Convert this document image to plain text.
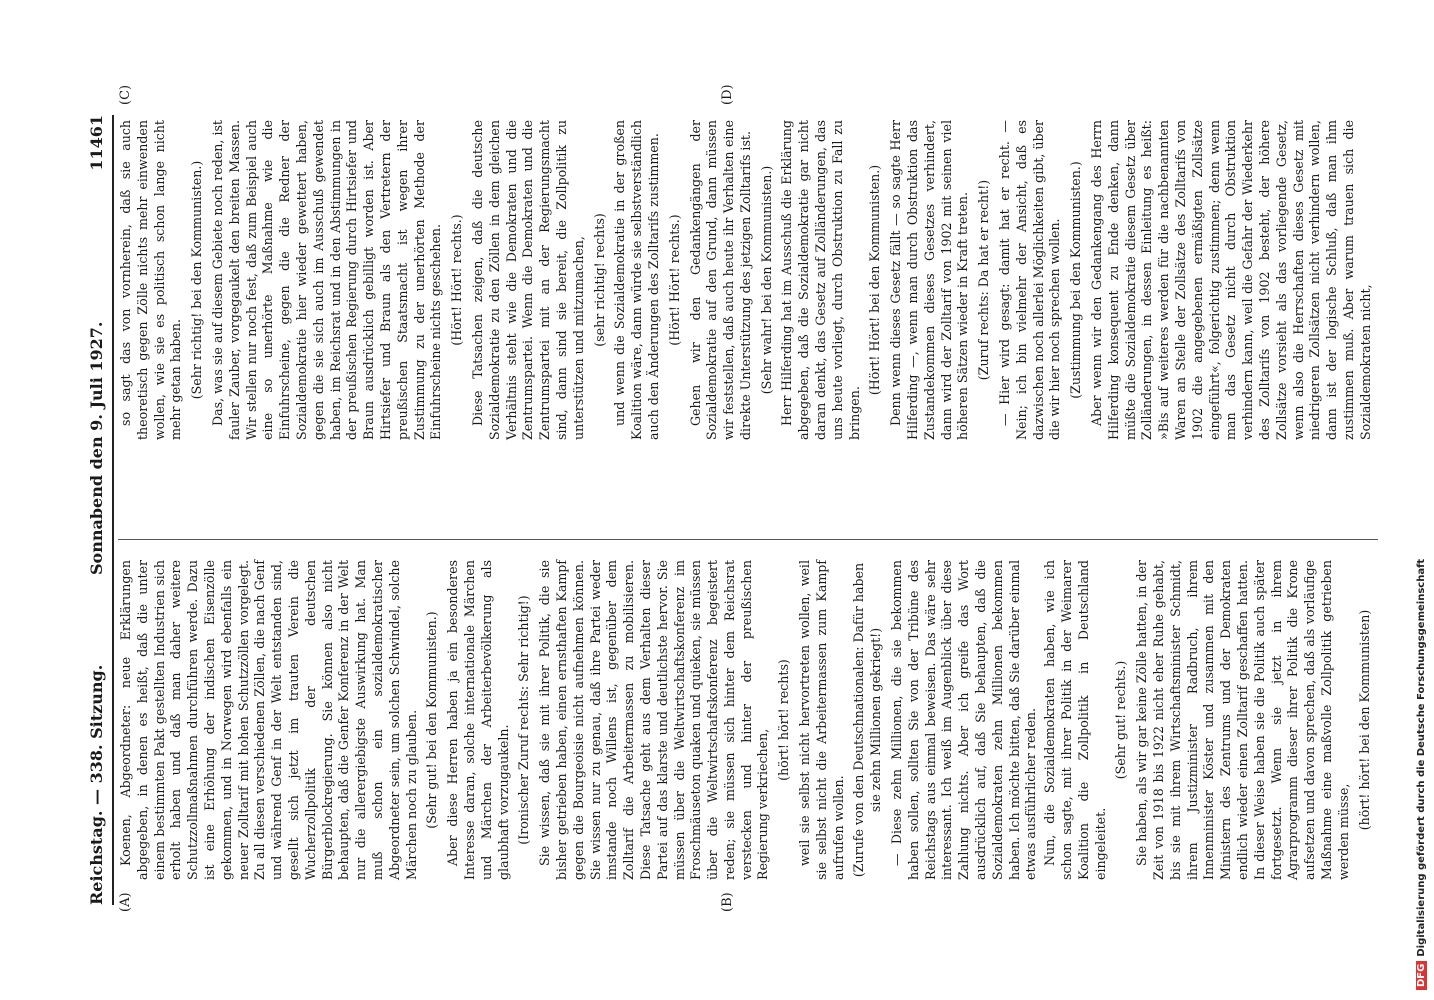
Reichstag. — 338. Sitzung.
Sonnabend den 9. Juli 1927.
11461
(A)	(B)
(C)	(D)

Koenen, Abgeordneter: neue Erklärungen abgegeben, in denen es heißt, daß die unter einem bestimmten Pakt gestellten Industrien sich erholt haben und daß man daher weitere Schutzzollmaßnahmen durchführen werde. Dazu ist eine Erhöhung der indischen Eisenzölle gekommen, und in Norwegen wird ebenfalls ein neuer Zolltarif mit hohen Schutzzöllen vorgelegt. Zu all diesen verschiedenen Zöllen, die nach Genf und während Genf in der Welt entstanden sind, gesellt sich jetzt im trauten Verein die Wucherzollpolitik der deutschen Bürgerblockregierung. Sie können also nicht behaupten, daß die Genfer Konferenz in der Welt nur die allerergiebigste Auswirkung hat. Man muß schon ein sozialdemokratischer Abgeordneter sein, um solchen Schwindel, solche Märchen noch zu glauben. (Sehr gut! bei den Kommunisten.) Aber diese Herren haben ja ein besonderes Interesse daran, solche internationale Märchen und Märchen der Arbeiterbevölkerung als glaubhaft vorzugaukeln. (Ironischer Zuruf rechts: Sehr richtig!) Sie wissen, daß sie mit ihrer Politik, die sie bisher getrieben haben, einen ernsthaften Kampf gegen die Bourgeoisie nicht aufnehmen können. Sie wissen nur zu genau, daß ihre Partei weder imstande noch Willens ist, gegenüber dem Zolltarif die Arbeitermassen zu mobilisieren. Diese Tatsache geht aus dem Verhalten dieser Partei auf das klarste und deutlichste hervor. Sie müssen über die Weltwirtschaftskonferenz im Froschmäuseton quaken und quieken, sie müssen über die Weltwirtschaftskonferenz begeistert reden; sie müssen sich hinter dem Reichsrat verstecken und hinter der preußischen Regierung verkriechen,

(hört! hört! rechts) weil sie selbst nicht hervortreten wollen, weil sie selbst nicht die Arbeitermassen zum Kampf aufrufen wollen. (Zurufe von den Deutschnationalen: Dafür haben sie zehn Millionen gekriegt!) — Diese zehn Millionen, die sie bekommen haben sollen, sollten Sie von der Tribüne des Reichstags aus einmal beweisen. Das wäre sehr interessant. Ich weiß im Augenblick über diese Zahlung nichts. Aber ich greife das Wort ausdrücklich auf, daß Sie behaupten, daß die Sozialdemokraten zehn Millionen bekommen haben. Ich möchte bitten, daß Sie darüber einmal etwas ausführlicher reden. Nun, die Sozialdemokraten haben, wie ich schon sagte, mit ihrer Politik in der Weimarer Koalition die Zollpolitik in Deutschland eingeleitet.

(Sehr gut! rechts.) Sie haben, als wir gar keine Zölle hatten, in der Zeit von 1918 bis 1922 nicht eher Ruhe gehabt, bis sie mit ihrem Wirtschaftsminister Schmidt, ihrem Justizminister Radbruch, ihrem Innenminister Köster und zusammen mit den Ministern des Zentrums und der Demokraten endlich wieder einen Zolltarif geschaffen hatten. In dieser Weise haben sie die Politik auch später fortgesetzt. Wenn sie jetzt in ihrem Agrarprogramm dieser ihrer Politik die Krone aufsetzen und davon sprechen, daß als vorläufige Maßnahme eine maßvolle Zollpolitik getrieben werden müsse,

(hört! hört! bei den Kommunisten)

so sagt das von vornherein, daß sie auch theoretisch gegen Zölle nichts mehr einwenden wollen, wie sie es politisch schon lange nicht mehr getan haben. (Sehr richtig! bei den Kommunisten.) Das, was sie auf diesem Gebiete noch reden, ist fauler Zauber, vorgegaukelt den breiten Massen. Wir stellen nur noch fest, daß zum Beispiel auch eine so unerhörte Maßnahme wie die Einfuhrscheine, gegen die die Redner der Sozialdemokratie hier wieder gewettert haben, gegen die sie sich auch im Ausschuß gewendet haben, im Reichsrat und in den Abstimmungen in der preußischen Regierung durch Hirtsiefer und Braun ausdrücklich gebilligt worden ist. Aber Hirtsiefer und Braun als den Vertretern der preußischen Staatsmacht ist wegen ihrer Zustimmung zu der unerhörten Methode der Einfuhrscheine nichts geschehen. (Hört! Hört! rechts.) Diese Tatsachen zeigen, daß die deutsche Sozialdemokratie zu den Zöllen in dem gleichen Verhältnis steht wie die Demokraten und die Zentrumspartei. Wenn die Demokraten und die Zentrumspartei mit an der Regierungsmacht sind, dann sind sie bereit, die Zollpolitik zu unterstützen und mitzumachen, (sehr richtig! rechts) und wenn die Sozialdemokratie in der großen Koalition wäre, dann würde sie selbstverständlich auch den Änderungen des Zolltarifs zustimmen. (Hört! Hört! rechts.) Gehen wir den Gedankengängen der Sozialdemokratie auf den Grund, dann müssen wir feststellen, daß auch heute ihr Verhalten eine direkte Unterstützung des jetzigen Zolltarifs ist. (Sehr wahr! bei den Kommunisten.) Herr Hilferding hat im Ausschuß die Erklärung abgegeben, daß die Sozialdemokratie gar nicht daran denkt, das Gesetz auf Zolländerungen, das uns heute vorliegt, durch Obstruktion zu Fall zu bringen.

(Hört! Hört! bei den Kommunisten.) Denn wenn dieses Gesetz fällt — so sagte Herr Hilferding —, wenn man durch Obstruktion das Zustandekommen dieses Gesetzes verhindert, dann wird der Zolltarif von 1902 mit seinen viel höheren Sätzen wieder in Kraft treten. (Zuruf rechts: Da hat er recht!) — Hier wird gesagt: damit hat er recht. — Nein; ich bin vielmehr der Ansicht, daß es dazwischen noch allerlei Möglichkeiten gibt, über die wir hier noch sprechen wollen. (Zustimmung bei den Kommunisten.) Aber wenn wir den Gedankengang des Herrn Hilferding konsequent zu Ende denken, dann müßte die Sozialdemokratie diesem Gesetz über Zolländerungen, in dessen Einleitung es heißt: »Bis auf weiteres werden für die nachbenannten Waren an Stelle der Zollsätze des Zolltarifs von 1902 die angegebenen ermäßigten Zollsätze eingeführt«, folgerichtig zustimmen; denn wenn man das Gesetz nicht durch Obstruktion verhindern kann, weil die Gefahr der Wiederkehr des Zolltarifs von 1902 besteht, der höhere Zollsätze vorsieht als das vorliegende Gesetz, wenn also die Herrschaften dieses Gesetz mit niedrigeren Zollsätzen nicht verhindern wollen, dann ist der logische Schluß, daß man ihm zustimmen muß. Aber warum trauen sich die Sozialdemokraten nicht,

DFGDigitalisierung gefördert durch die Deutsche Forschungsgemeinschaft
